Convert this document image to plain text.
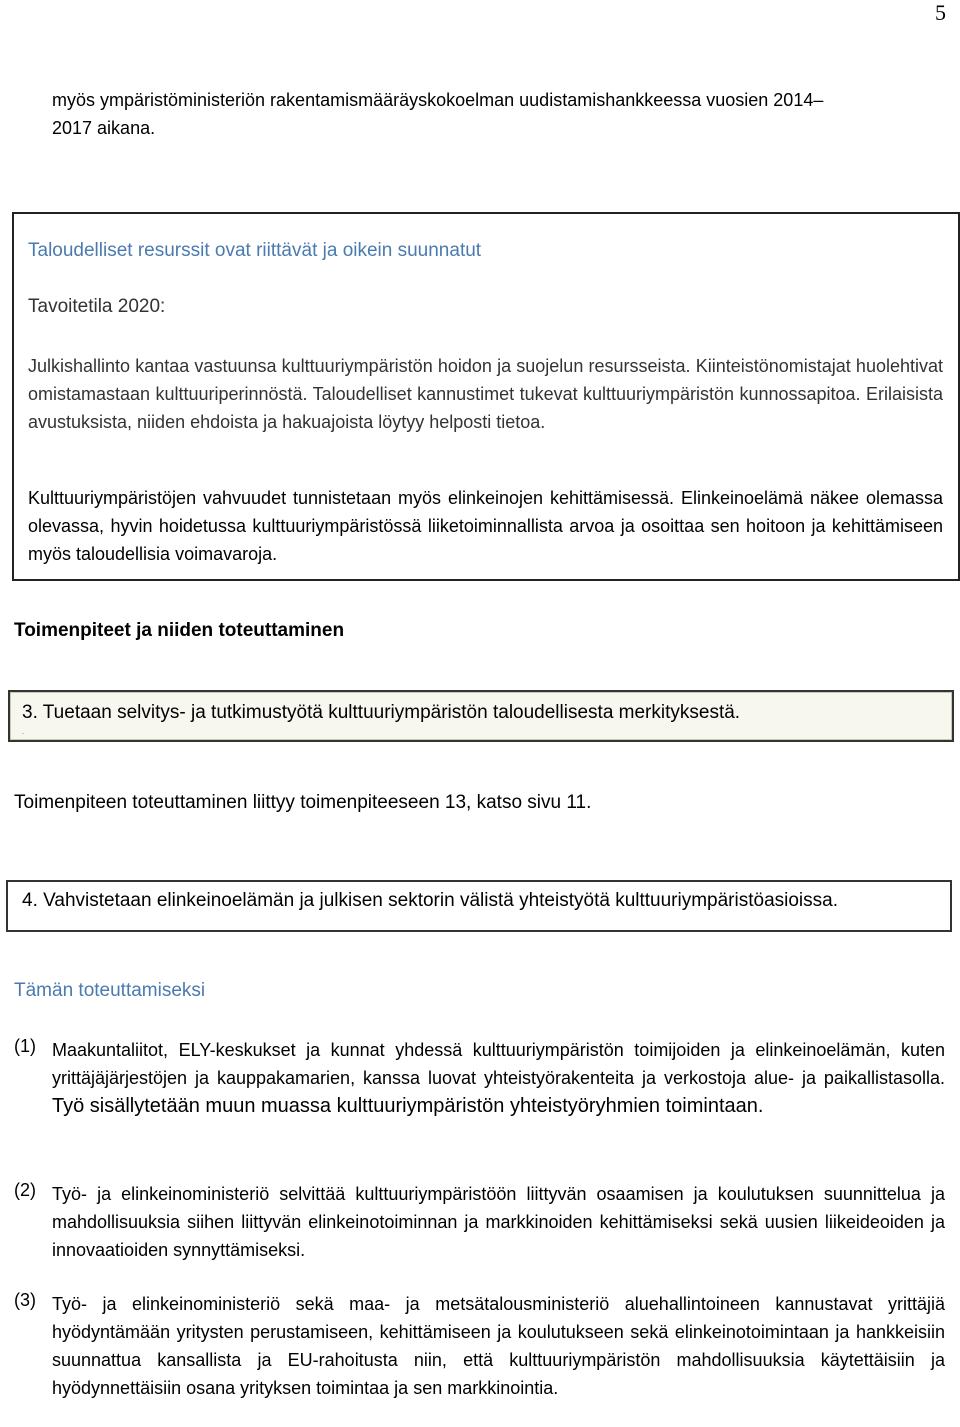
5
myös ympäristöministeriön rakentamismääräyskokoelman uudistamishankkeessa vuosien 2014–
2017 aikana.
Taloudelliset resurssit ovat riittävät ja oikein suunnatut
Tavoitetila 2020:
Julkishallinto kantaa vastuunsa kulttuuriympäristön hoidon ja suojelun resursseista. Kiinteistönomistajat huolehtivat omistamastaan kulttuuriperinnöstä. Taloudelliset kannustimet tukevat kulttuuriympäristön kunnossapitoa. Erilaisista avustuksista, niiden ehdoista ja hakuajoista löytyy helposti tietoa.
Kulttuuriympäristöjen vahvuudet tunnistetaan myös elinkeinojen kehittämisessä. Elinkeinoelämä näkee olemassa olevassa, hyvin hoidetussa kulttuuriympäristössä liiketoiminnallista arvoa ja osoittaa sen hoitoon ja kehittämiseen myös taloudellisia voimavaroja.
Toimenpiteet ja niiden toteuttaminen
3. Tuetaan selvitys- ja tutkimustyötä kulttuuriympäristön taloudellisesta merkityksestä.
-
Toimenpiteen toteuttaminen liittyy toimenpiteeseen 13, katso sivu 11.
4. Vahvistetaan elinkeinoelämän ja julkisen sektorin välistä yhteistyötä kulttuuriympäristöasioissa.
Tämän toteuttamiseksi
(1) Maakuntaliitot, ELY-keskukset ja kunnat yhdessä kulttuuriympäristön toimijoiden ja elinkeinoelämän, kuten yrittäjäjärjestöjen ja kauppakamarien, kanssa luovat yhteistyörakenteita ja verkostoja alue- ja paikallistasolla. Työ sisällytetään muun muassa kulttuuriympäristön yhteistyöryhmien toimintaan.
(2) Työ- ja elinkeinoministeriö selvittää kulttuuriympäristöön liittyvän osaamisen ja koulutuksen suunnittelua ja mahdollisuuksia siihen liittyvän elinkeinotoiminnan ja markkinoiden kehittämiseksi sekä uusien liikeideoiden ja innovaatioiden synnyttämiseksi.
(3) Työ- ja elinkeinoministeriö sekä maa- ja metsätalousministeriö aluehallintoineen kannustavat yrittäjiä hyödyntämään yritysten perustamiseen, kehittämiseen ja koulutukseen sekä elinkeinotoimintaan ja hankkeisiin suunnattua kansallista ja EU-rahoitusta niin, että kulttuuriympäristön mahdollisuuksia käytettäisiin ja hyödynnettäisiin osana yrityksen toimintaa ja sen markkinointia.
